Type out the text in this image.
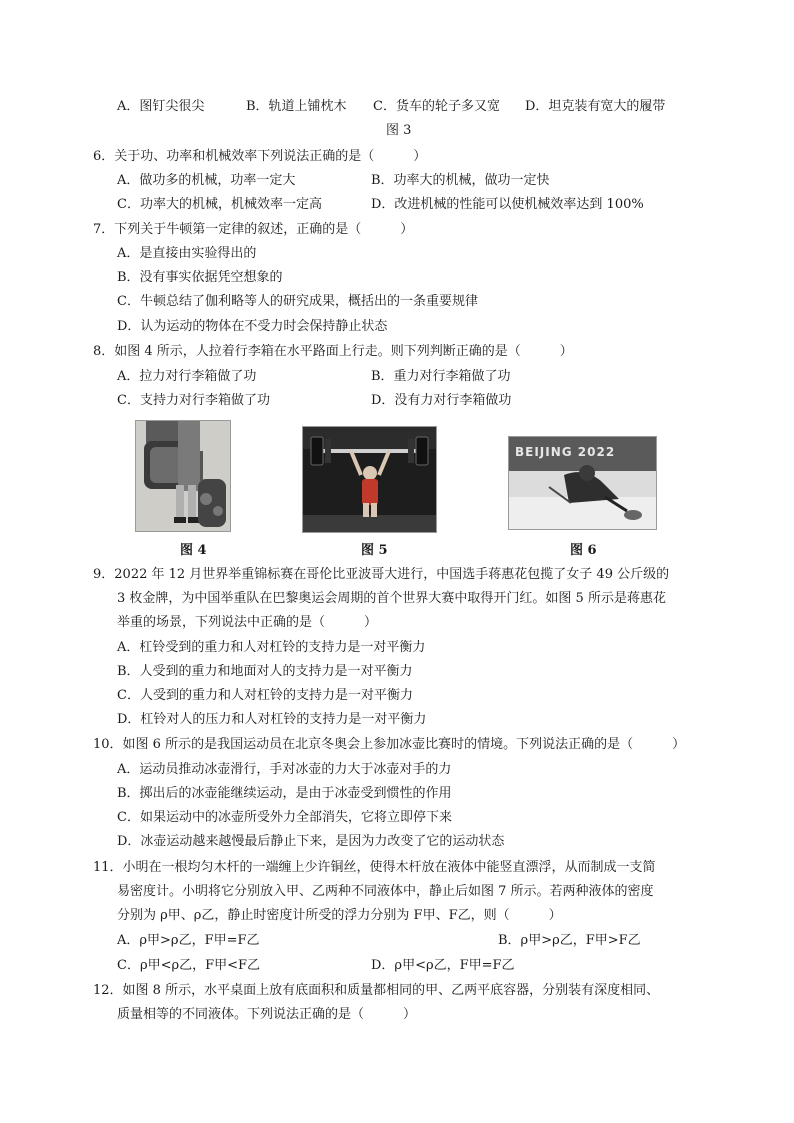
A．图钉尖很尖	B．轨道上铺枕木 C．货车的轮子多又宽 D．坦克装有宽大的履带
图 3
6．关于功、功率和机械效率下列说法正确的是（　　　）
A．做功多的机械，功率一定大	B．功率大的机械，做功一定快
C．功率大的机械，机械效率一定高	D．改进机械的性能可以使机械效率达到 100%
7．下列关于牛顿第一定律的叙述，正确的是（　　　）
A．是直接由实验得出的
B．没有事实依据凭空想象的
C．牛顿总结了伽利略等人的研究成果，概括出的一条重要规律
D．认为运动的物体在不受力时会保持静止状态
8．如图 4 所示，人拉着行李箱在水平路面上行走。则下列判断正确的是（　　　）
A．拉力对行李箱做了功	B．重力对行李箱做了功
C．支持力对行李箱做了功	D．没有力对行李箱做功
图 4	图 5
BEIJING 2022
图 6
9．2022 年 12 月世界举重锦标赛在哥伦比亚波哥大进行，中国选手蒋惠花包揽了女子 49 公斤级的
3 枚金牌，为中国举重队在巴黎奥运会周期的首个世界大赛中取得开门红。如图 5 所示是蒋惠花
举重的场景，下列说法中正确的是（　　　）
A．杠铃受到的重力和人对杠铃的支持力是一对平衡力
B．人受到的重力和地面对人的支持力是一对平衡力
C．人受到的重力和人对杠铃的支持力是一对平衡力
D．杠铃对人的压力和人对杠铃的支持力是一对平衡力
10．如图 6 所示的是我国运动员在北京冬奥会上参加冰壶比赛时的情境。下列说法正确的是（　　　）
A．运动员推动冰壶滑行，手对冰壶的力大于冰壶对手的力
B．掷出后的冰壶能继续运动，是由于冰壶受到惯性的作用
C．如果运动中的冰壶所受外力全部消失，它将立即停下来
D．冰壶运动越来越慢最后静止下来，是因为力改变了它的运动状态
11．小明在一根均匀木杆的一端缠上少许铜丝，使得木杆放在液体中能竖直漂浮，从而制成一支简
易密度计。小明将它分别放入甲、乙两种不同液体中，静止后如图 7 所示。若两种液体的密度
分别为 ρ甲、ρ乙，静止时密度计所受的浮力分别为 F甲、F乙，则（　　　）
A．ρ甲>ρ乙，F甲=F乙	B．ρ甲>ρ乙，F甲>F乙
C．ρ甲<ρ乙，F甲<F乙	D．ρ甲<ρ乙，F甲=F乙
12．如图 8 所示，水平桌面上放有底面积和质量都相同的甲、乙两平底容器，分别装有深度相同、
质量相等的不同液体。下列说法正确的是（　　　）
